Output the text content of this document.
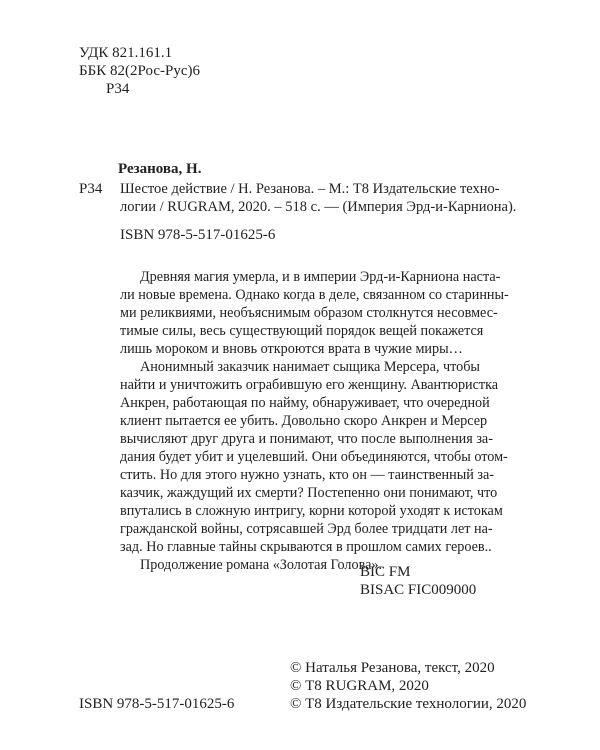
УДК 821.161.1
ББК 82(2Рос-Рус)6
Р34
Резанова, Н.
Р34 Шестое действие / Н. Резанова. – М.: Т8 Издательские техно-
логии / RUGRAM, 2020. – 518 с. — (Империя Эрд-и-Карниона).
ISBN 978-5-517-01625-6

Древняя магия умерла, и в империи Эрд-и-Карниона наста-

ли новые времена. Однако когда в деле, связанном со старинны-

ми реликвиями, необъяснимым образом столкнутся несовмес-

тимые силы, весь существующий порядок вещей покажется

лишь мороком и вновь откроются врата в чужие миры…

Анонимный заказчик нанимает сыщика Мерсера, чтобы

найти и уничтожить ограбившую его женщину. Авантюристка

Анкрен, работающая по найму, обнаруживает, что очередной

клиент пытается ее убить. Довольно скоро Анкрен и Мерсер

вычисляют друг друга и понимают, что после выполнения за-

дания будет убит и уцелевший. Они объединяются, чтобы отом-

стить. Но для этого нужно узнать, кто он — таинственный за-

казчик, жаждущий их смерти? Постепенно они понимают, что

впутались в сложную интригу, корни которой уходят к истокам

гражданской войны, сотрясавшей Эрд более тридцати лет на-

зад. Но главные тайны скрываются в прошлом самих героев..

Продолжение романа «Золотая Голова».

BIC FM
BISAC FIC009000
© Наталья Резанова, текст, 2020
© Т8 RUGRAM, 2020
© Т8 Издательские технологии, 2020
ISBN 978-5-517-01625-6
